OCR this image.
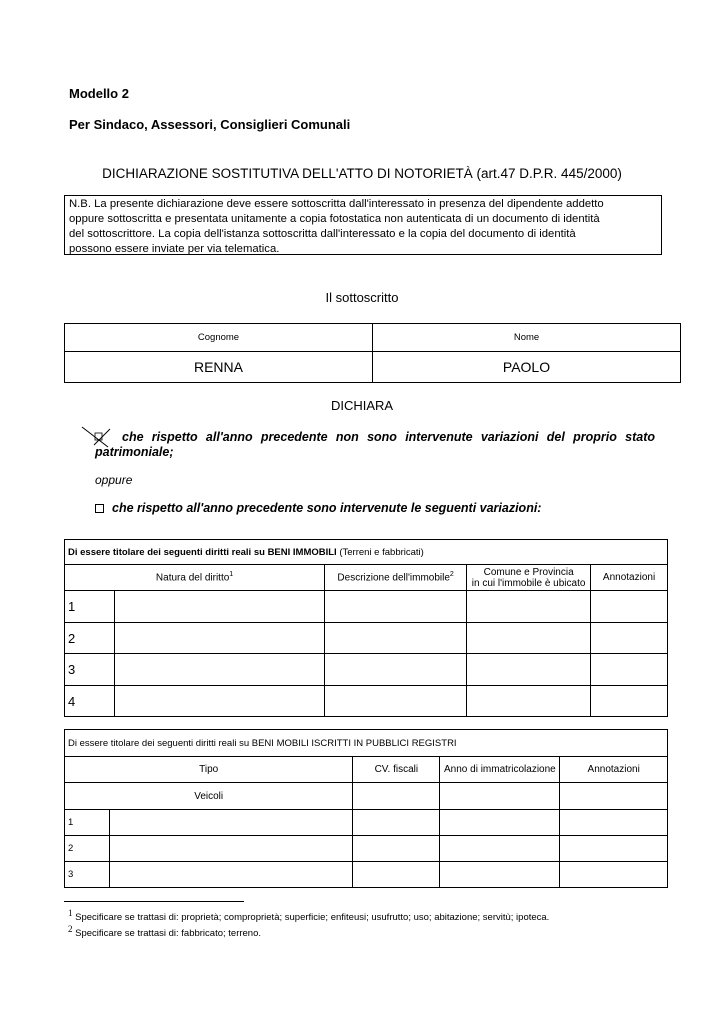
Modello 2
Per Sindaco, Assessori, Consiglieri Comunali
DICHIARAZIONE SOSTITUTIVA DELL'ATTO DI NOTORIETÀ (art.47 D.P.R. 445/2000)
N.B. La presente dichiarazione deve essere sottoscritta dall'interessato in presenza del dipendente addetto
oppure sottoscritta e presentata unitamente a copia fotostatica non autenticata di un documento di identità
del sottoscrittore. La copia dell'istanza sottoscritta dall'interessato e la copia del documento di identità
possono essere inviate per via telematica.
Il sottoscritto
Cognome	Nome
RENNA	PAOLO
DICHIARA
che rispetto all'anno precedente non sono intervenute variazioni del proprio stato
patrimoniale;
oppure
che rispetto all'anno precedente sono intervenute le seguenti variazioni:
Di essere titolare dei seguenti diritti reali su BENI IMMOBILI (Terreni e fabbricati)				
Natura del diritto$^1$		Descrizione dell'immobile$^2$	Comune e Provincia
in cui l'immobile è ubicato	Annotazioni
1				
2				
3				
4				
Di essere titolare dei seguenti diritti reali su BENI MOBILI ISCRITTI IN PUBBLICI REGISTRI				
Tipo		CV. fiscali	Anno di immatricolazione	Annotazioni
Veicoli				
1				
2				
3				
$^1$ Specificare se trattasi di: proprietà; comproprietà; superficie; enfiteusi; usufrutto; uso; abitazione; servitù; ipoteca.
$^2$ Specificare se trattasi di: fabbricato; terreno.
